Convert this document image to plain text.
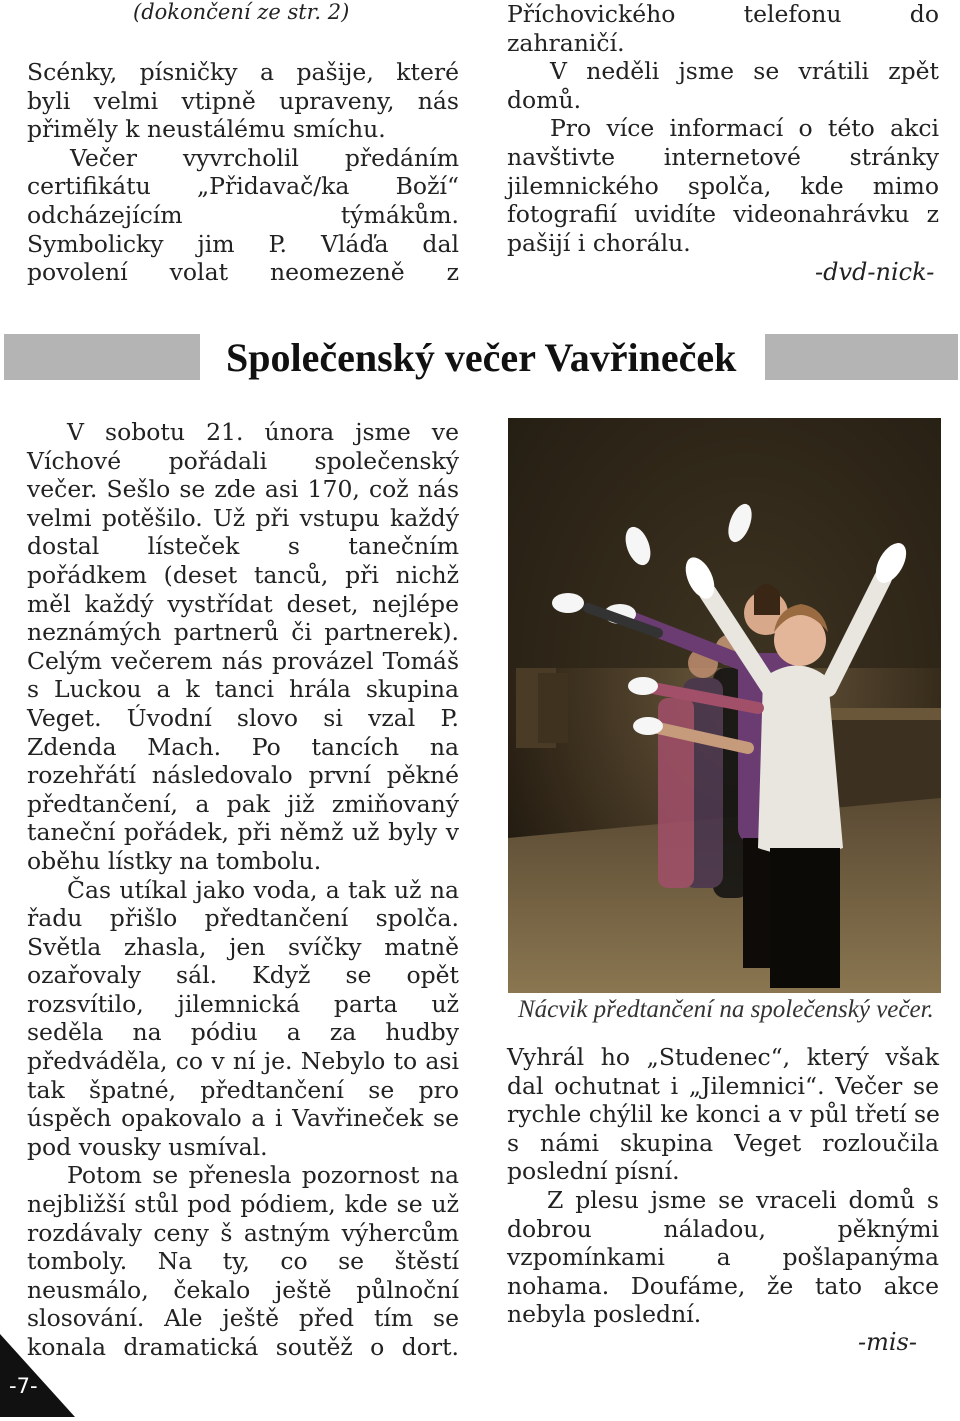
(dokončení ze str. 2)

Scénky, písničky a pašije, které
byli velmi vtipně upraveny, nás
přiměly k neustálému smíchu.
Večer vyvrcholil předáním
certifikátu „Přidavač/ka Boží“
odcházejícím týmákům.
Symbolicky jim P. Vláďa dal
povolení volat neomezeně z
Příchovického telefonu do
zahraničí.
V neděli jsme se vrátili zpět
domů.
Pro více informací o této akci
navštivte internetové stránky
jilemnického spolča, kde mimo
fotografií uvidíte videonahrávku z
pašijí i chorálu.

-dvd-nick-

Společenský večer Vavřineček
V sobotu 21. února jsme ve
Víchové pořádali společenský
večer. Sešlo se zde asi 170, což nás
velmi potěšilo. Už při vstupu každý
dostal lísteček s tanečním
pořádkem (deset tanců, při nichž
měl každý vystřídat deset, nejlépe
neznámých partnerů či partnerek).
Celým večerem nás provázel Tomáš
s Luckou a k tanci hrála skupina
Veget. Úvodní slovo si vzal P.
Zdenda Mach. Po tancích na
rozehřátí následovalo první pěkné
předtančení, a pak již zmiňovaný
taneční pořádek, při němž už byly v
oběhu lístky na tombolu.
Čas utíkal jako voda, a tak už na
řadu přišlo předtančení spolča.
Světla zhasla, jen svíčky matně
ozařovaly sál. Když se opět
rozsvítilo, jilemnická parta už
seděla na pódiu a za hudby
předváděla, co v ní je. Nebylo to asi
tak špatné, předtančení se pro
úspěch opakovalo a i Vavřineček se
pod vousky usmíval.
Potom se přenesla pozornost na
nejbližší stůl pod pódiem, kde se už
rozdávaly ceny š astným výhercům
tomboly. Na ty, co se štěstí
neusmálo, čekalo ještě půlnoční
slosování. Ale ještě před tím se
konala dramatická soutěž o dort.

Nácvik předtančení na společenský večer.

Vyhrál ho „Studenec“, který však
dal ochutnat i „Jilemnici“. Večer se
rychle chýlil ke konci a v půl třetí se
s námi skupina Veget rozloučila
poslední písní.
Z plesu jsme se vraceli domů s
dobrou náladou, pěknými
vzpomínkami a pošlapanýma
nohama. Doufáme, že tato akce
nebyla poslední.

-mis-

-7-
